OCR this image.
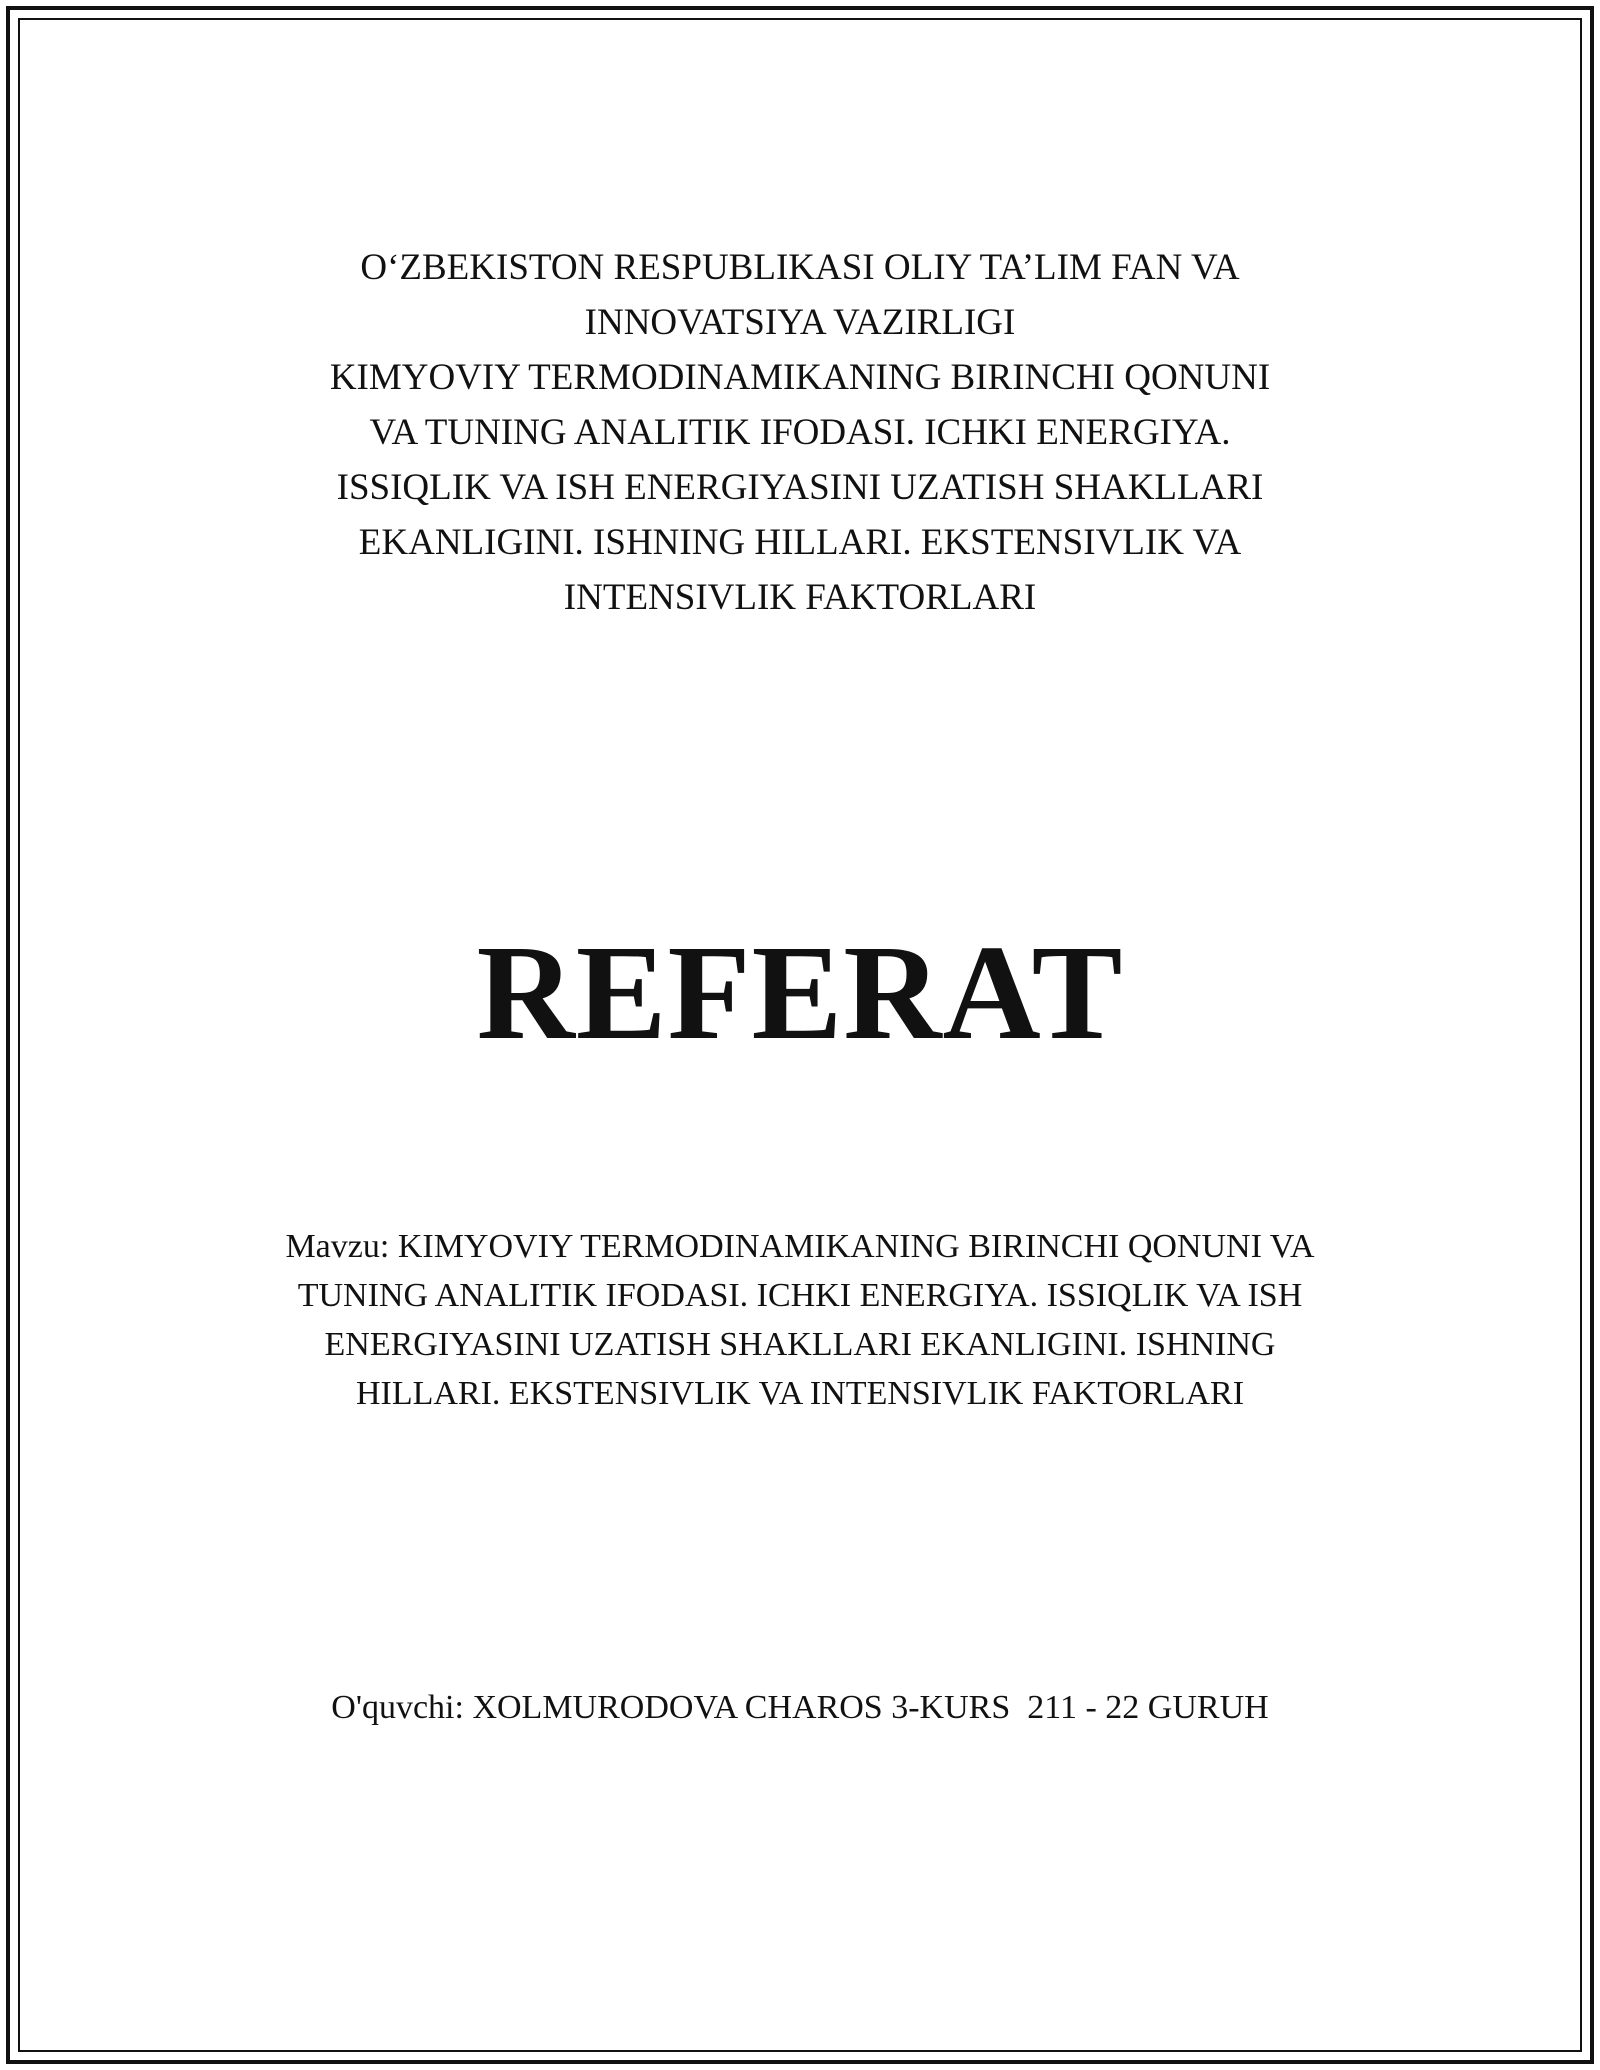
O‘ZBEKISTON RESPUBLIKASI OLIY TA’LIM FAN VA
INNOVATSIYA VAZIRLIGI
KIMYOVIY TERMODINAMIKANING BIRINCHI QONUNI
VA TUNING ANALITIK IFODASI. ICHKI ENERGIYA.
ISSIQLIK VA ISH ENERGIYASINI UZATISH SHAKLLARI
EKANLIGINI. ISHNING HILLARI. EKSTENSIVLIK VA
INTENSIVLIK FAKTORLARI
REFERAT
Mavzu: KIMYOVIY TERMODINAMIKANING BIRINCHI QONUNI VA
TUNING ANALITIK IFODASI. ICHKI ENERGIYA. ISSIQLIK VA ISH
ENERGIYASINI UZATISH SHAKLLARI EKANLIGINI. ISHNING
HILLARI. EKSTENSIVLIK VA INTENSIVLIK FAKTORLARI
O'quvchi: XOLMURODOVA CHAROS 3-KURS  211 - 22 GURUH
